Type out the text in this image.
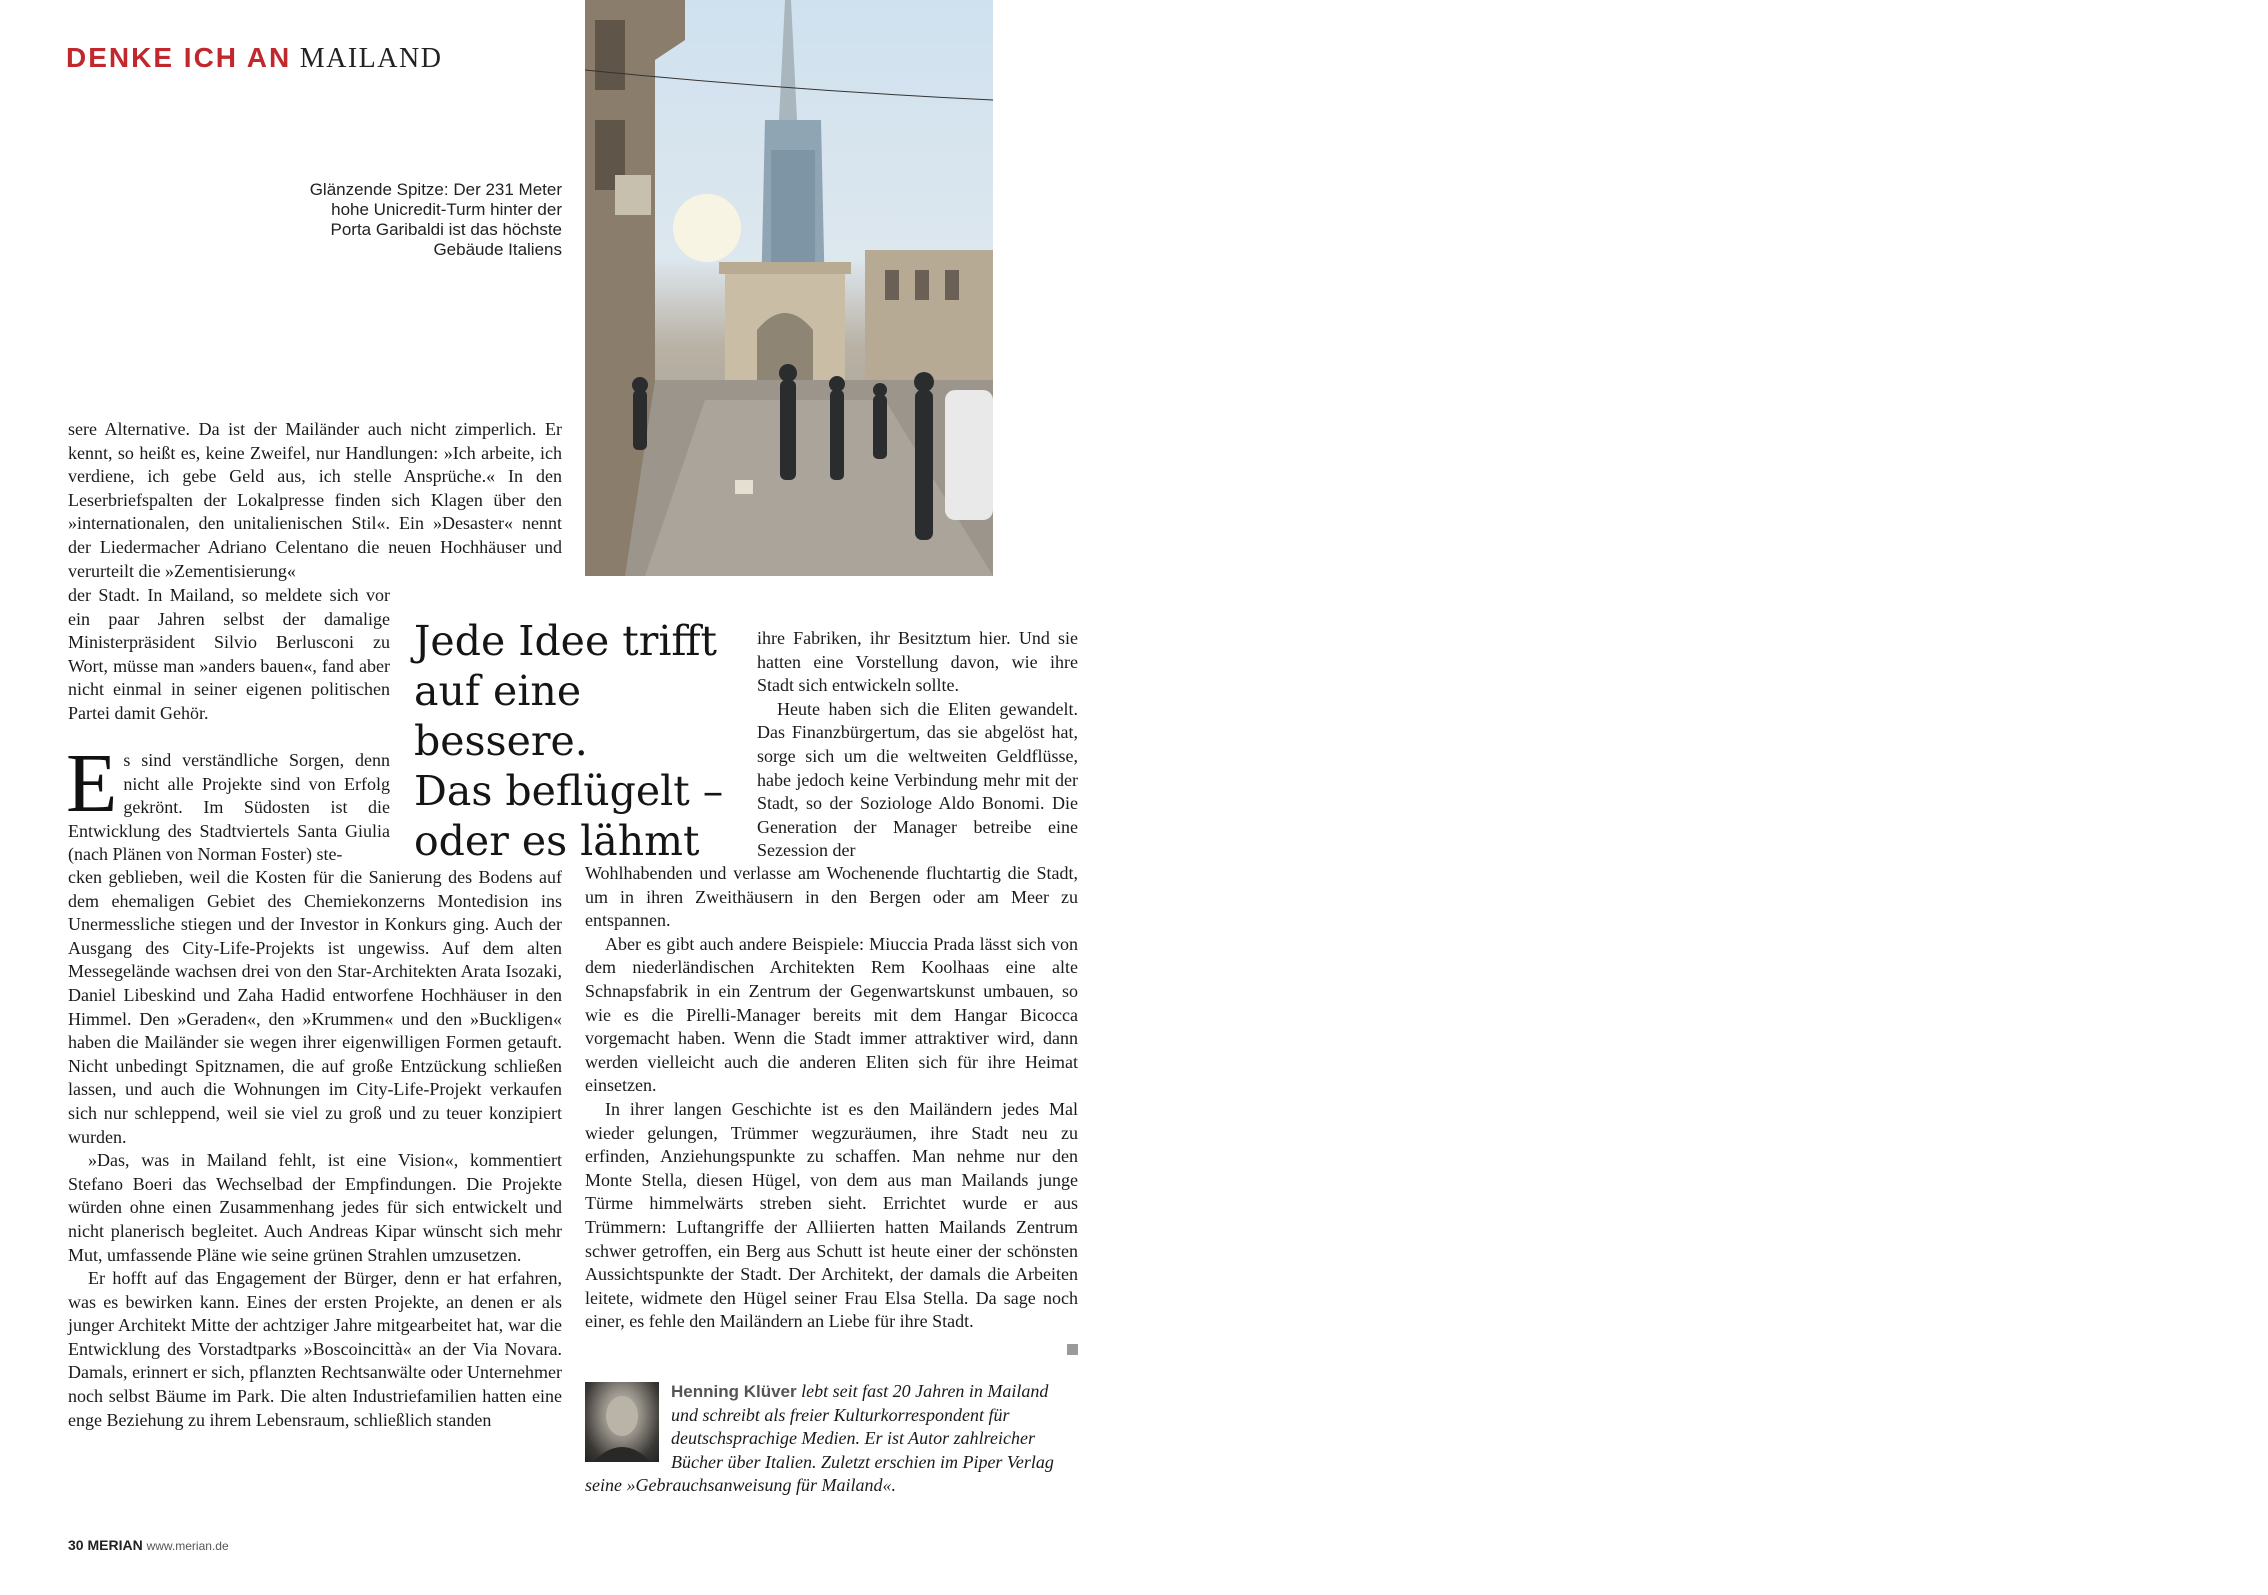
DENKE ICH AN MAILAND
Glänzende Spitze: Der 231 Meter hohe Unicredit-Turm hinter der Porta Garibaldi ist das höchste Gebäude Italiens
Jede Idee trifft
auf eine bessere.
Das beflügelt –
oder es lähmt

sere Alternative. Da ist der Mailänder auch nicht zimperlich. Er kennt, so heißt es, keine Zweifel, nur Handlungen: »Ich arbeite, ich verdiene, ich gebe Geld aus, ich stelle Ansprüche.« In den Leserbriefspalten der Lokalpresse finden sich Klagen über den »internationalen, den unitalienischen Stil«. Ein »Desaster« nennt der Liedermacher Adriano Celentano die neuen Hochhäuser und verurteilt die »Zementisierung«

der Stadt. In Mailand, so meldete sich vor ein paar Jahren selbst der damalige Ministerpräsident Silvio Berlusconi zu Wort, müsse man »anders bauen«, fand aber nicht einmal in seiner eigenen politischen Partei damit Gehör.

E s sind verständliche Sorgen, denn nicht alle Projekte sind von Erfolg gekrönt. Im Südosten ist die Entwicklung des Stadtviertels Santa Giulia (nach Plänen von Norman Foster) ste-

cken geblieben, weil die Kosten für die Sanierung des Bodens auf dem ehemaligen Gebiet des Chemiekonzerns Montedision ins Unermessliche stiegen und der Investor in Konkurs ging. Auch der Ausgang des City-Life-Projekts ist ungewiss. Auf dem alten Messegelände wachsen drei von den Star-Architekten Arata Isozaki, Daniel Libeskind und Zaha Hadid entworfene Hochhäuser in den Himmel. Den »Geraden«, den »Krummen« und den »Buckligen« haben die Mailänder sie wegen ihrer eigenwilligen Formen getauft. Nicht unbedingt Spitznamen, die auf große Entzückung schließen lassen, und auch die Wohnungen im City-Life-Projekt verkaufen sich nur schleppend, weil sie viel zu groß und zu teuer konzipiert wurden.

»Das, was in Mailand fehlt, ist eine Vision«, kommentiert Stefano Boeri das Wechselbad der Empfindungen. Die Projekte würden ohne einen Zusammenhang jedes für sich entwickelt und nicht planerisch begleitet. Auch Andreas Kipar wünscht sich mehr Mut, umfassende Pläne wie seine grünen Strahlen umzusetzen.

Er hofft auf das Engagement der Bürger, denn er hat erfahren, was es bewirken kann. Eines der ersten Projekte, an denen er als junger Architekt Mitte der achtziger Jahre mitgearbeitet hat, war die Entwicklung des Vorstadtparks »Boscoincittà« an der Via Novara. Damals, erinnert er sich, pflanzten Rechtsanwälte oder Unternehmer noch selbst Bäume im Park. Die alten Industriefamilien hatten eine enge Beziehung zu ihrem Lebensraum, schließlich standen

ihre Fabriken, ihr Besitztum hier. Und sie hatten eine Vorstellung davon, wie ihre Stadt sich entwickeln sollte.

Heute haben sich die Eliten gewandelt. Das Finanzbürgertum, das sie abgelöst hat, sorge sich um die weltweiten Geldflüsse, habe jedoch keine Verbindung mehr mit der Stadt, so der Soziologe Aldo Bonomi. Die Generation der Manager betreibe eine Sezession der

Wohlhabenden und verlasse am Wochenende fluchtartig die Stadt, um in ihren Zweithäusern in den Bergen oder am Meer zu entspannen.

Aber es gibt auch andere Beispiele: Miuccia Prada lässt sich von dem niederländischen Architekten Rem Koolhaas eine alte Schnapsfabrik in ein Zentrum der Gegenwartskunst umbauen, so wie es die Pirelli-Manager bereits mit dem Hangar Bicocca vorgemacht haben. Wenn die Stadt immer attraktiver wird, dann werden vielleicht auch die anderen Eliten sich für ihre Heimat einsetzen.

In ihrer langen Geschichte ist es den Mailändern jedes Mal wieder gelungen, Trümmer wegzuräumen, ihre Stadt neu zu erfinden, Anziehungspunkte zu schaffen. Man nehme nur den Monte Stella, diesen Hügel, von dem aus man Mailands junge Türme himmelwärts streben sieht. Errichtet wurde er aus Trümmern: Luftangriffe der Alliierten hatten Mailands Zentrum schwer getroffen, ein Berg aus Schutt ist heute einer der schönsten Aussichtspunkte der Stadt. Der Architekt, der damals die Arbeiten leitete, widmete den Hügel seiner Frau Elsa Stella. Da sage noch einer, es fehle den Mailändern an Liebe für ihre Stadt.

Henning Klüver lebt seit fast 20 Jahren in Mailand und schreibt als freier Kulturkorrespondent für deutschsprachige Medien. Er ist Autor zahlreicher Bücher über Italien. Zuletzt erschien im Piper Verlag seine »Gebrauchsanweisung für Mailand«.
30 MERIAN www.merian.de
